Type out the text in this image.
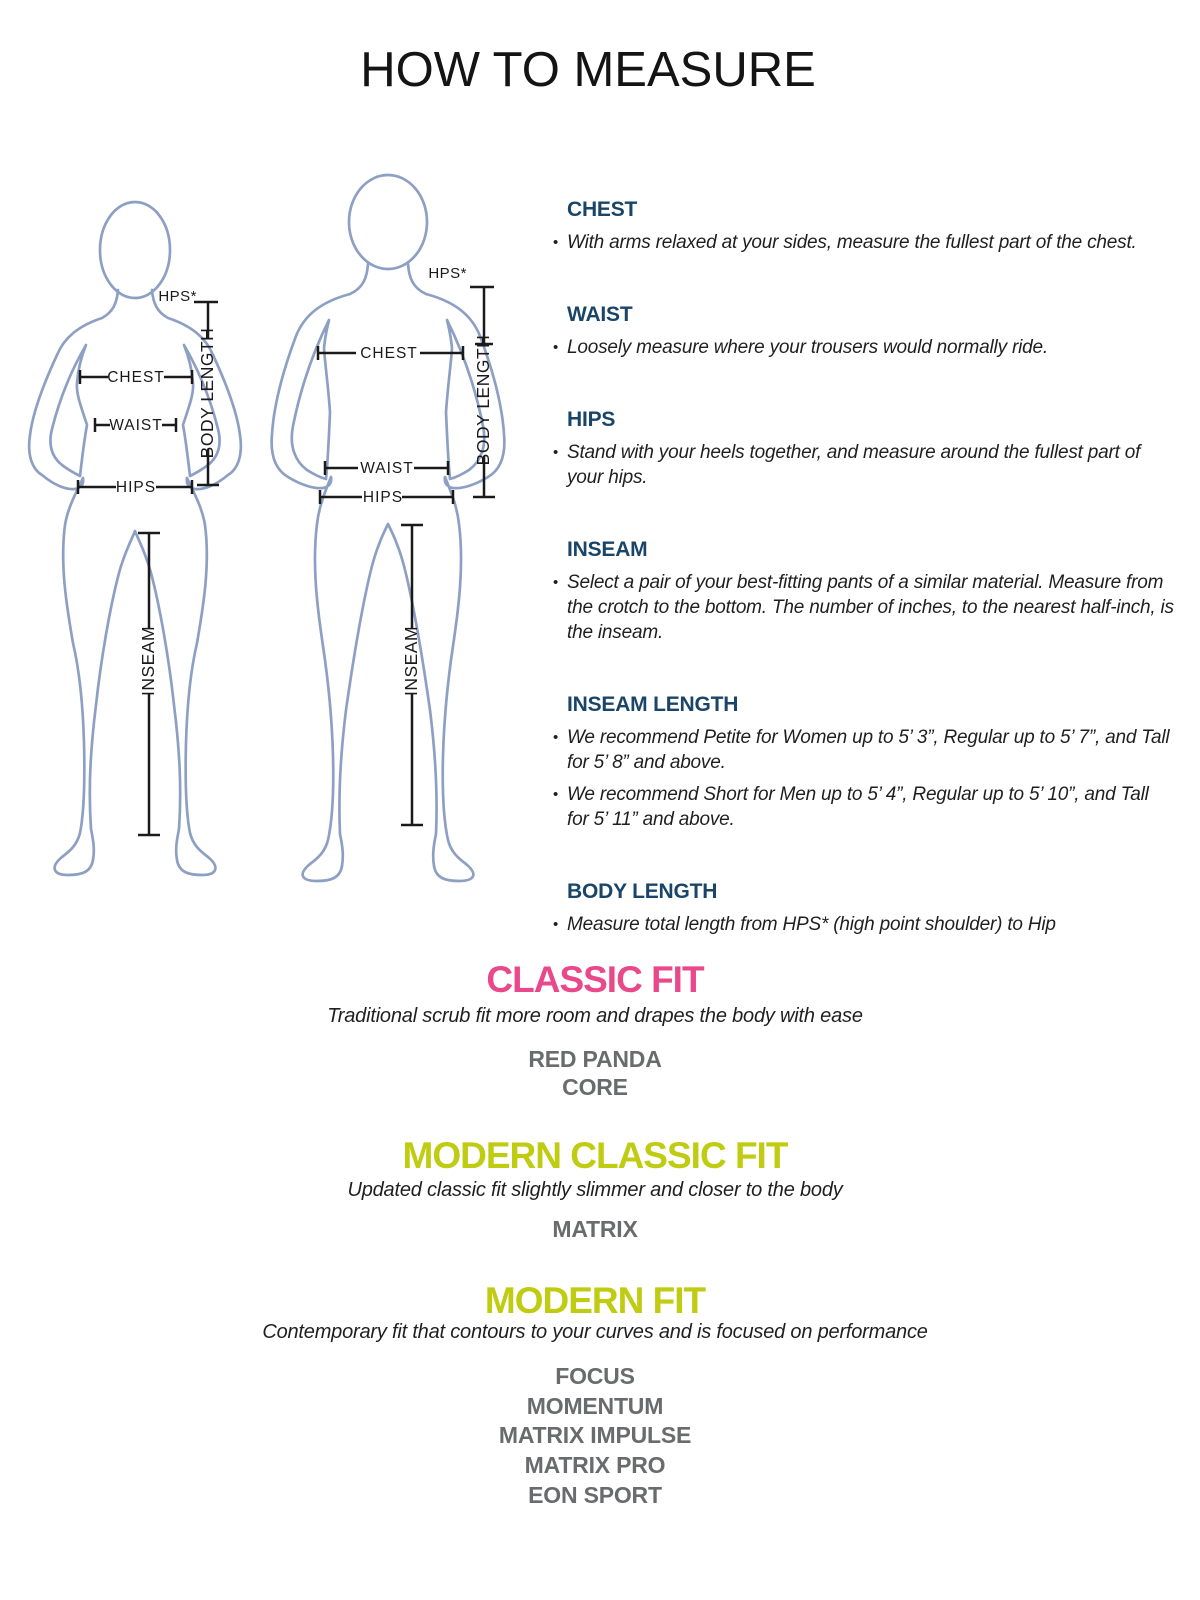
HOW TO MEASURE
HPS*
BODY LENGTH
CHEST
WAIST
HIPS
INSEAM
HPS*
BODY LENGTH
CHEST
WAIST
HIPS
INSEAM
CHEST
• With arms relaxed at your sides, measure the fullest part of the chest.
WAIST
• Loosely measure where your trousers would normally ride.
HIPS
• Stand with your heels together, and measure around the fullest part of your hips.
INSEAM
• Select a pair of your best-fitting pants of a similar material. Measure from the crotch to the bottom. The number of inches, to the nearest half-inch, is the inseam.
INSEAM LENGTH
• We recommend Petite for Women up to 5’ 3”, Regular up to 5’ 7”, and Tall for 5’ 8” and above.
• We recommend Short for Men up to 5’ 4”, Regular up to 5’ 10”, and Tall for 5’ 11” and above.
BODY LENGTH
• Measure total length from HPS* (high point shoulder) to Hip
CLASSIC FIT
Traditional scrub fit more room and drapes the body with ease
RED PANDA
CORE
MODERN CLASSIC FIT
Updated classic fit slightly slimmer and closer to the body
MATRIX
MODERN FIT
Contemporary fit that contours to your curves and is focused on performance
FOCUS
MOMENTUM
MATRIX IMPULSE
MATRIX PRO
EON SPORT
